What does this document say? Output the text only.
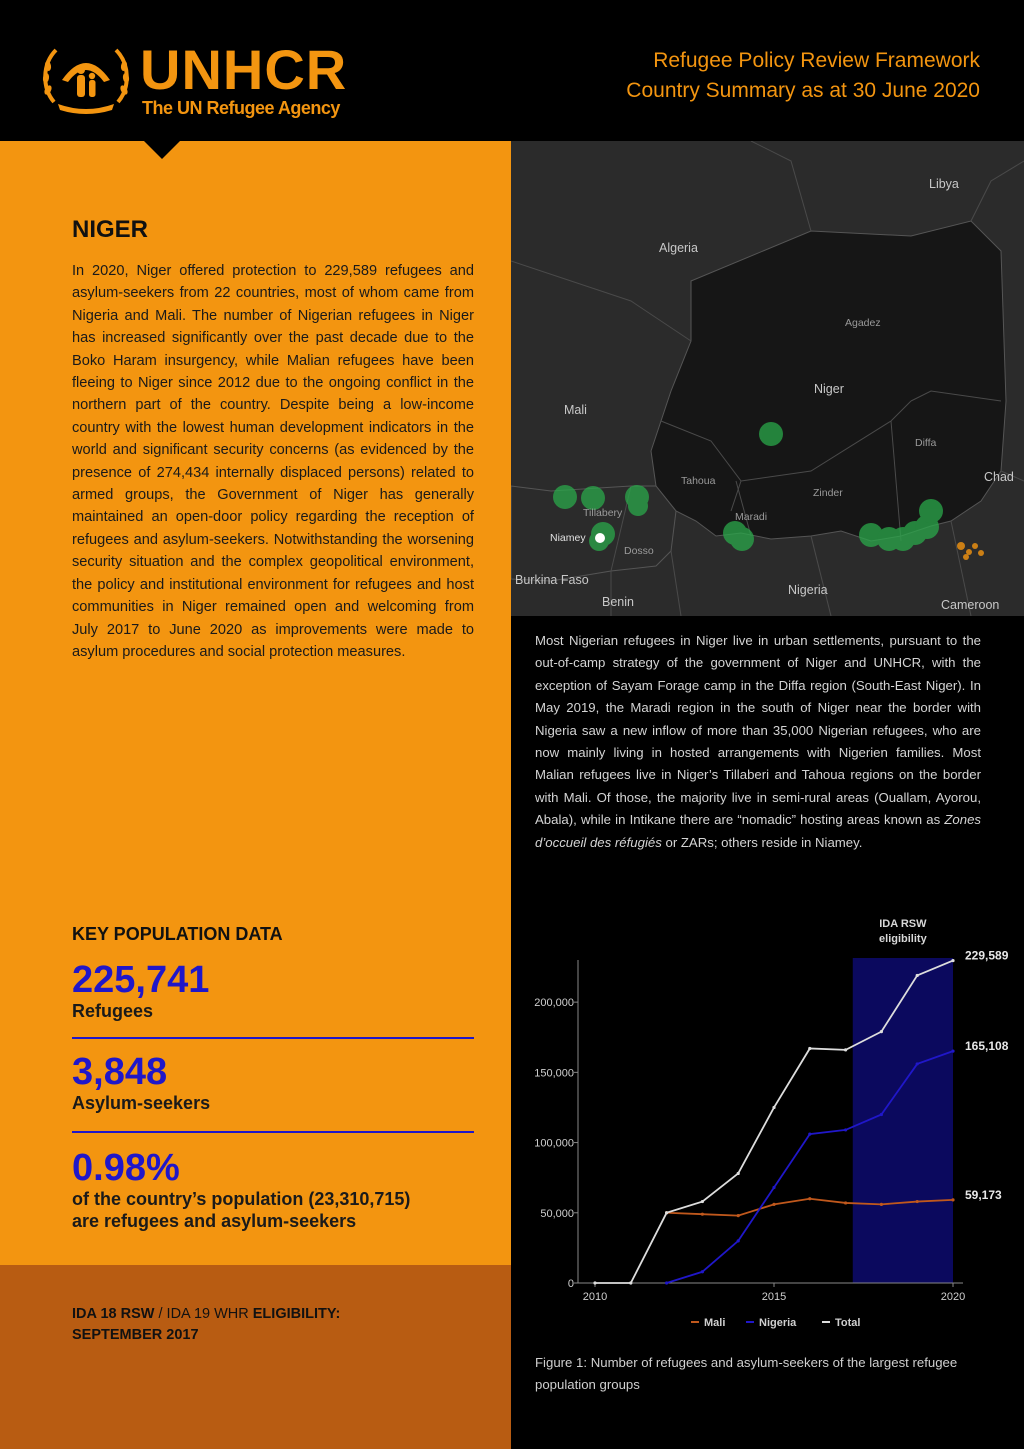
UNHCR
The UN Refugee Agency
Refugee Policy Review Framework
Country Summary as at 30 June 2020
NIGER

In 2020, Niger offered protection to 229,589 refugees and asylum-seekers from 22 countries, most of whom came from Nigeria and Mali. The number of Nigerian refugees in Niger has increased significantly over the past decade due to the Boko Haram insurgency, while Malian refugees have been fleeing to Niger since 2012 due to the ongoing conflict in the northern part of the country. Despite being a low-income country with the lowest human development indicators in the world and significant security concerns (as evidenced by the presence of 274,434 internally displaced persons) related to armed groups, the Government of Niger has generally maintained an open-door policy regarding the reception of refugees and asylum-seekers. Notwithstanding the worsening security situation and the complex geopolitical environment, the policy and institutional environment for refugees and host communities in Niger remained open and welcoming from July 2017 to June 2020 as improvements were made to asylum procedures and social protection measures.

KEY POPULATION DATA
225,741
Refugees
3,848
Asylum-seekers
0.98%
of the country’s population (23,310,715)
are refugees and asylum-seekers
IDA 18 RSW / IDA 19 WHR ELIGIBILITY:
SEPTEMBER 2017
Libya
Algeria
Agadez
Niger
Mali
Diffa
Chad
Tahoua
Zinder
Tillabery	Maradi
Niamey
Dosso
Burkina Faso
Nigeria
Benin	Cameroon

Most Nigerian refugees in Niger live in urban settlements, pursuant to the out-of-camp strategy of the government of Niger and UNHCR, with the exception of Sayam Forage camp in the Diffa region (South-East Niger). In May 2019, the Maradi region in the south of Niger near the border with Nigeria saw a new inflow of more than 35,000 Nigerian refugees, who are now mainly living in hosted arrangements with Nigerien families. Most Malian refugees live in Niger’s Tillaberi and Tahoua regions on the border with Mali. Of those, the majority live in semi-rural areas (Ouallam, Ayorou, Abala), while in Intikane there are “nomadic” hosting areas known as Zones d’occueil des réfugiés or ZARs; others reside in Niamey.

IDA RSW
eligibility
0
50,000
100,000
150,000
200,000
2010	2015	2020
229,589
165,108
59,173
Mali	Nigeria	Total

Figure 1: Number of refugees and asylum-seekers of the largest refugee population groups
